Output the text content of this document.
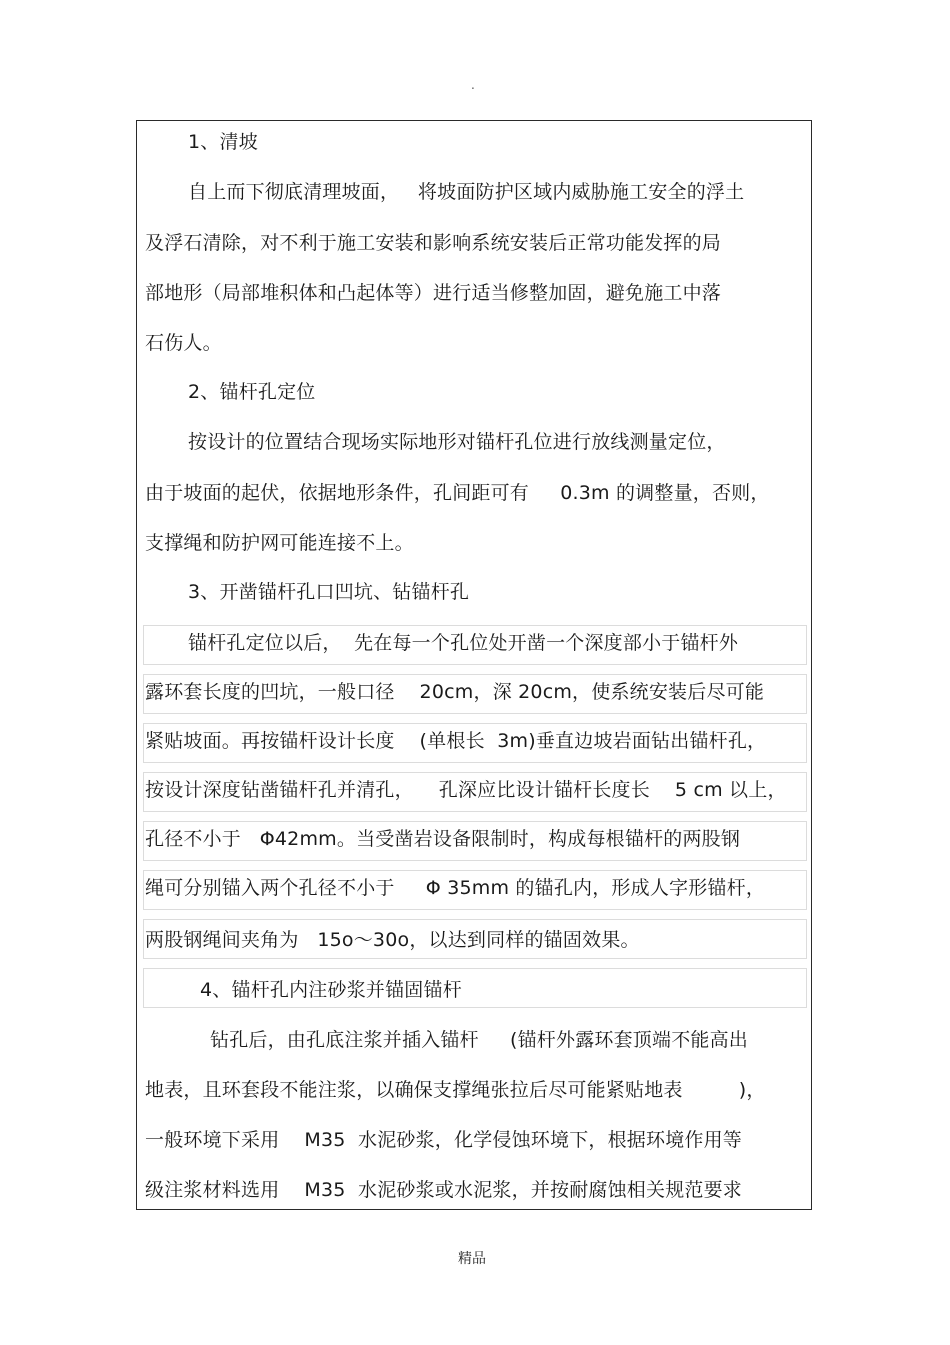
.
1、清坡
自上而下彻底清理坡面，   将坡面防护区域内威胁施工安全的浮土
及浮石清除，对不利于施工安装和影响系统安装后正常功能发挥的局
部地形（局部堆积体和凸起体等）进行适当修整加固，避免施工中落
石伤人。
2、锚杆孔定位
按设计的位置结合现场实际地形对锚杆孔位进行放线测量定位，
由于坡面的起伏，依据地形条件，孔间距可有     0.3m 的调整量，否则，
支撑绳和防护网可能连接不上。
3、开凿锚杆孔口凹坑、钻锚杆孔
锚杆孔定位以后，  先在每一个孔位处开凿一个深度部小于锚杆外
露环套长度的凹坑，一般口径    20cm，深 20cm，使系统安装后尽可能
紧贴坡面。再按锚杆设计长度    (单根长  3m)垂直边坡岩面钻出锚杆孔，
按设计深度钻凿锚杆孔并清孔，    孔深应比设计锚杆长度长    5 cm 以上，
孔径不小于   Φ42mm。当受凿岩设备限制时，构成每根锚杆的两股钢
绳可分别锚入两个孔径不小于     Φ 35mm 的锚孔内，形成人字形锚杆，
两股钢绳间夹角为   15o～30o，以达到同样的锚固效果。
4、锚杆孔内注砂浆并锚固锚杆
钻孔后，由孔底注浆并插入锚杆     (锚杆外露环套顶端不能高出
地表，且环套段不能注浆，以确保支撑绳张拉后尽可能紧贴地表         )，
一般环境下采用    M35  水泥砂浆，化学侵蚀环境下，根据环境作用等
级注浆材料选用    M35  水泥砂浆或水泥浆，并按耐腐蚀相关规范要求
精品
